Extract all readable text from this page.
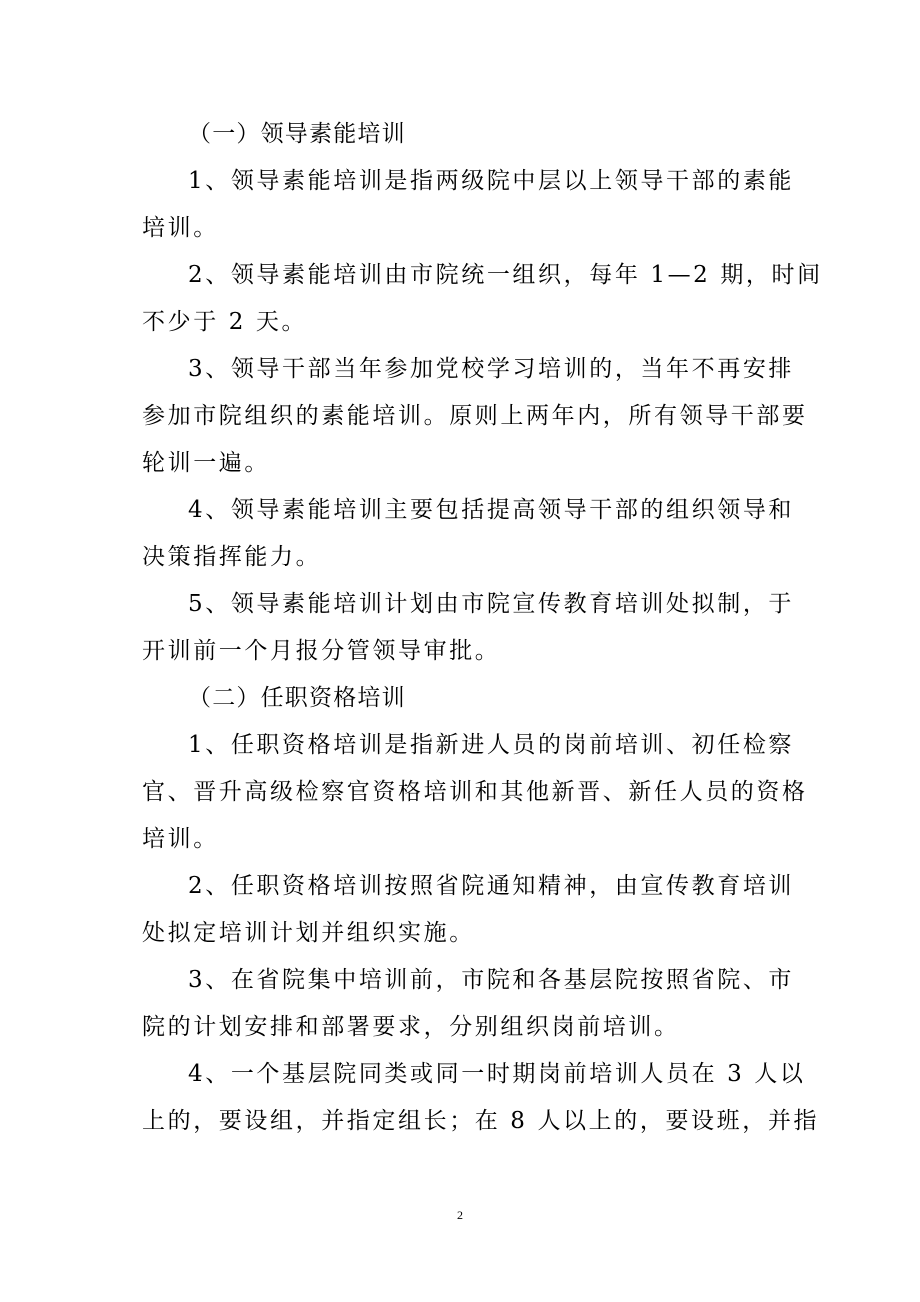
（一）领导素能培训
1、领导素能培训是指两级院中层以上领导干部的素能
培训。
2、领导素能培训由市院统一组织，每年 1—2 期，时间
不少于 2 天。
3、领导干部当年参加党校学习培训的，当年不再安排
参加市院组织的素能培训。原则上两年内，所有领导干部要
轮训一遍。
4、领导素能培训主要包括提高领导干部的组织领导和
决策指挥能力。
5、领导素能培训计划由市院宣传教育培训处拟制，于
开训前一个月报分管领导审批。
（二）任职资格培训
1、任职资格培训是指新进人员的岗前培训、初任检察
官、晋升高级检察官资格培训和其他新晋、新任人员的资格
培训。
2、任职资格培训按照省院通知精神，由宣传教育培训
处拟定培训计划并组织实施。
3、在省院集中培训前，市院和各基层院按照省院、市
院的计划安排和部署要求，分别组织岗前培训。
4、一个基层院同类或同一时期岗前培训人员在 3 人以
上的，要设组，并指定组长；在 8 人以上的，要设班，并指
2
